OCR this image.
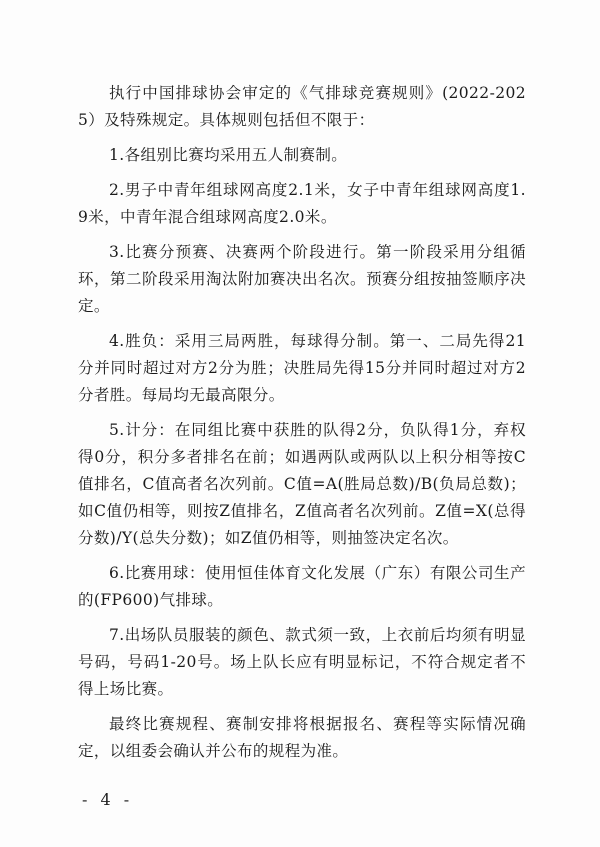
执行中国排球协会审定的《气排球竞赛规则》(2022-2025）及特殊规定。具体规则包括但不限于：

1.各组别比赛均采用五人制赛制。

2.男子中青年组球网高度2.1米，女子中青年组球网高度1.9米，中青年混合组球网高度2.0米。

3.比赛分预赛、决赛两个阶段进行。第一阶段采用分组循环，第二阶段采用淘汰附加赛决出名次。预赛分组按抽签顺序决定。

4.胜负：采用三局两胜，每球得分制。第一、二局先得21分并同时超过对方2分为胜；决胜局先得15分并同时超过对方2分者胜。每局均无最高限分。

5.计分：在同组比赛中获胜的队得2分，负队得1分，弃权得0分，积分多者排名在前；如遇两队或两队以上积分相等按C值排名，C值高者名次列前。C值=A(胜局总数)/B(负局总数)；如C值仍相等，则按Z值排名，Z值高者名次列前。Z值=X(总得分数)/Y(总失分数)；如Z值仍相等，则抽签决定名次。

6.比赛用球：使用恒佳体育文化发展（广东）有限公司生产的(FP600)气排球。

7.出场队员服装的颜色、款式须一致，上衣前后均须有明显号码，号码1-20号。场上队长应有明显标记，不符合规定者不得上场比赛。

最终比赛规程、赛制安排将根据报名、赛程等实际情况确定，以组委会确认并公布的规程为准。

- 4 -
